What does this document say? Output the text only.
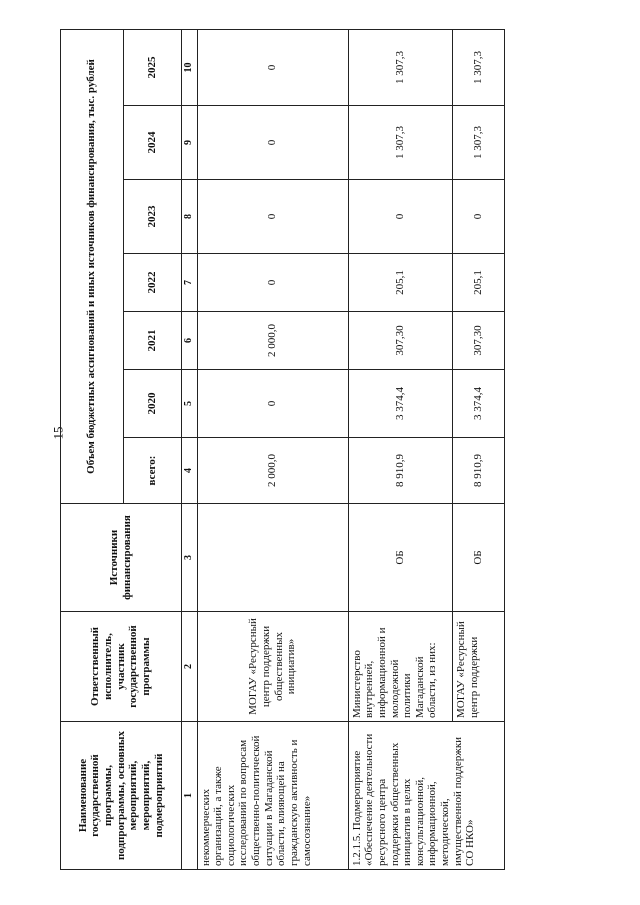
15
Наименование государственной программы, подпрограммы, основных мероприятий, мероприятий, подмероприятий	Ответственный исполнитель, участник государственной программы	Источники финансирования	Объем бюджетных ассигнований и иных источников финансирования, тыс. рублей						
			всего:	2020	2021	2022	2023	2024	2025
1	2	3	4	5	6	7	8	9	10
некоммерческих организаций, а также социологических исследований по вопросам общественно-политической ситуации в Магаданской области, влияющей на гражданскую активность и самосознание»	МОГАУ «Ресурсный центр поддержки общественных инициатив»		2 000,0	0	2 000,0	0	0	0	0
1.2.1.5. Подмероприятие «Обеспечение деятельности ресурсного центра поддержки общественных инициатив в целях консультационной, информационной, методической, имущественной поддержки СО НКО»	Министерство внутренней, информационной и молодежной политики Магаданской области, из них:	ОБ	8 910,9	3 374,4	307,30	205,1	0	1 307,3	1 307,3
	МОГАУ «Ресурсный центр поддержки	ОБ	8 910,9	3 374,4	307,30	205,1	0	1 307,3	1 307,3
